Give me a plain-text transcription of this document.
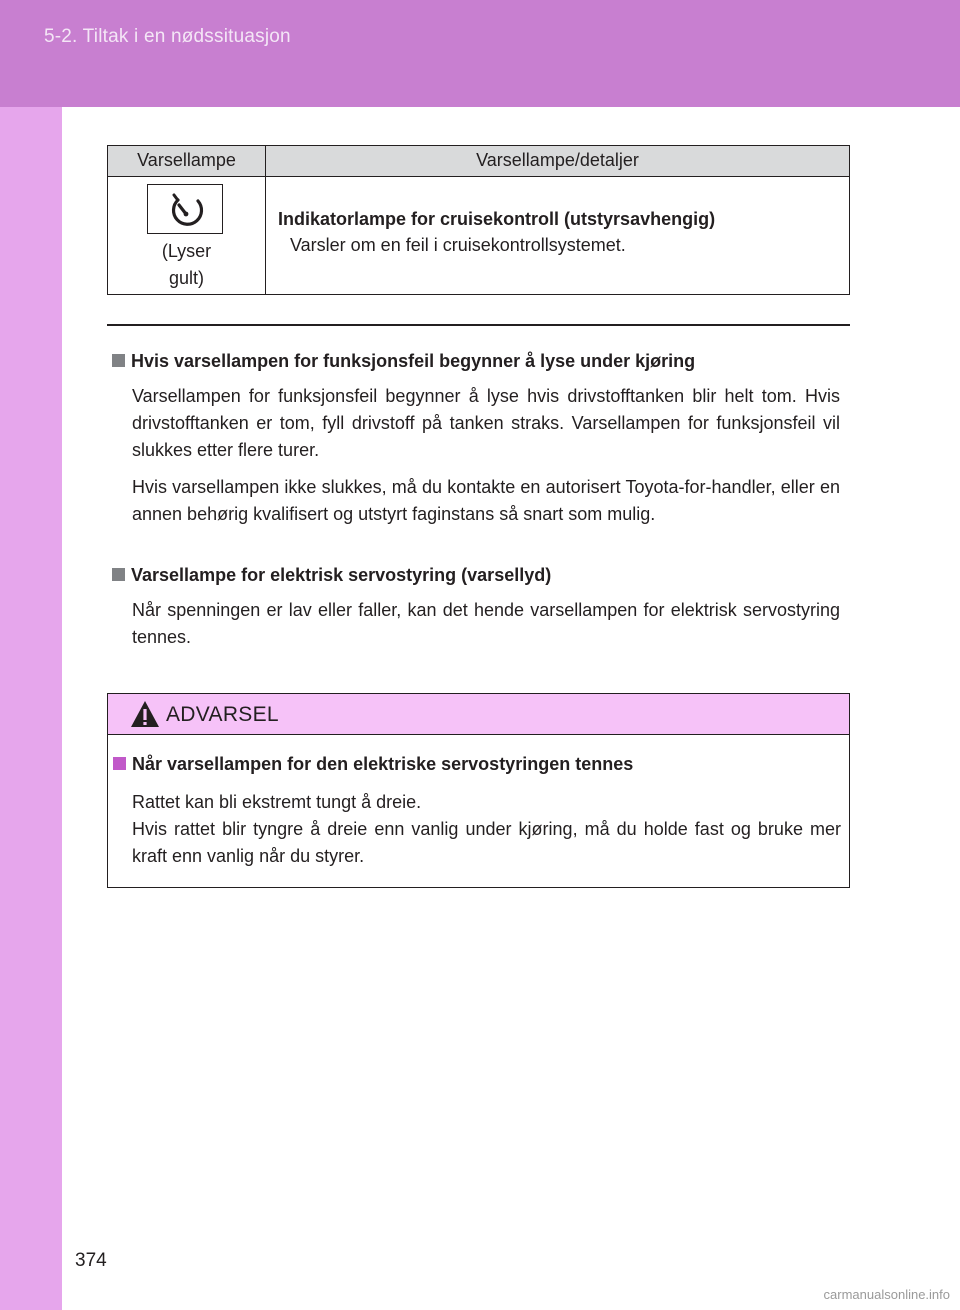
5-2. Tiltak i en nødssituasjon
Varsellampe	Varsellampe/detaljer
(Lyser gult)
Indikatorlampe for cruisekontroll (utstyrsavhengig)
Varsler om en feil i cruisekontrollsystemet.
Hvis varsellampen for funksjonsfeil begynner å lyse under kjøring
Varsellampen for funksjonsfeil begynner å lyse hvis drivstofftanken blir helt tom. Hvis drivstofftanken er tom, fyll drivstoff på tanken straks. Varsellampen for funksjonsfeil vil slukkes etter flere turer.
Hvis varsellampen ikke slukkes, må du kontakte en autorisert Toyota-for-handler, eller en annen behørig kvalifisert og utstyrt faginstans så snart som mulig.
Varsellampe for elektrisk servostyring (varsellyd)
Når spenningen er lav eller faller, kan det hende varsellampen for elektrisk servostyring tennes.
ADVARSEL
Når varsellampen for den elektriske servostyringen tennes
Rattet kan bli ekstremt tungt å dreie.
Hvis rattet blir tyngre å dreie enn vanlig under kjøring, må du holde fast og bruke mer kraft enn vanlig når du styrer.
374
carmanualsonline.info
